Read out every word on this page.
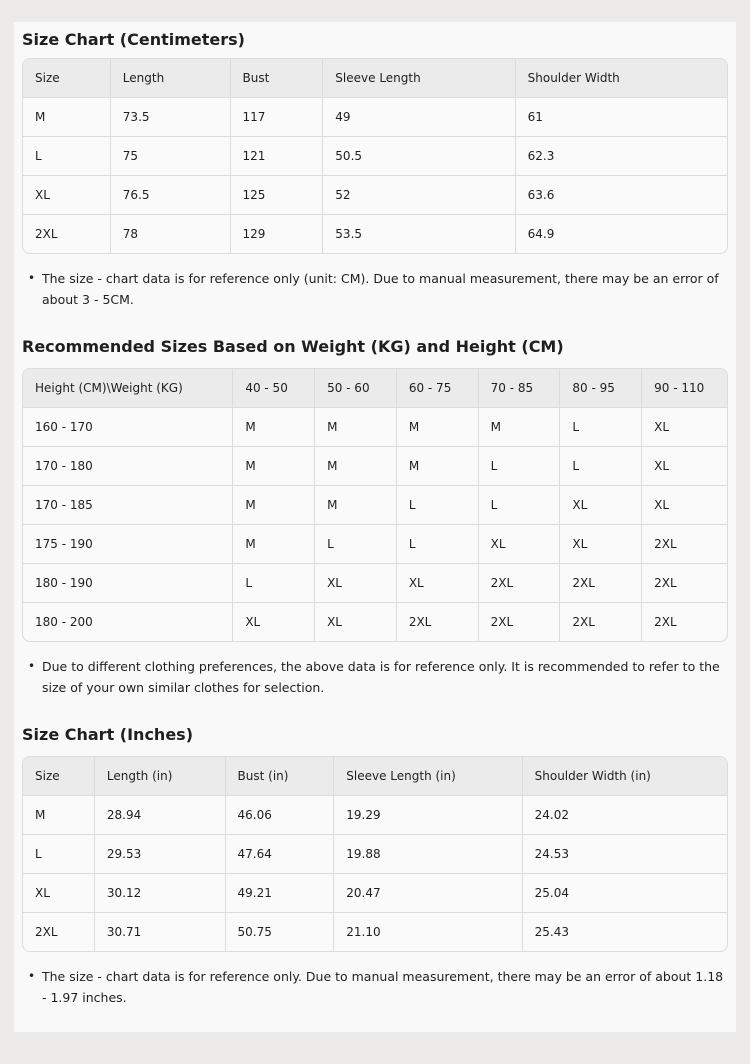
Size Chart (Centimeters)
Size	Length	Bust	Sleeve Length	Shoulder Width
M	73.5	117	49	61
L	75	121	50.5	62.3
XL	76.5	125	52	63.6
2XL	78	129	53.5	64.9

• The size - chart data is for reference only (unit: CM). Due to manual measurement, there may be an error of about 3 - 5CM.

Recommended Sizes Based on Weight (KG) and Height (CM)
Height (CM)\Weight (KG)	40 - 50	50 - 60	60 - 75	70 - 85	80 - 95	90 - 110
160 - 170	M	M	M	M	L	XL
170 - 180	M	M	M	L	L	XL
170 - 185	M	M	L	L	XL	XL
175 - 190	M	L	L	XL	XL	2XL
180 - 190	L	XL	XL	2XL	2XL	2XL
180 - 200	XL	XL	2XL	2XL	2XL	2XL

• Due to different clothing preferences, the above data is for reference only. It is recommended to refer to the size of your own similar clothes for selection.

Size Chart (Inches)
Size	Length (in)	Bust (in)	Sleeve Length (in)	Shoulder Width (in)
M	28.94	46.06	19.29	24.02
L	29.53	47.64	19.88	24.53
XL	30.12	49.21	20.47	25.04
2XL	30.71	50.75	21.10	25.43

• The size - chart data is for reference only. Due to manual measurement, there may be an error of about 1.18 - 1.97 inches.
